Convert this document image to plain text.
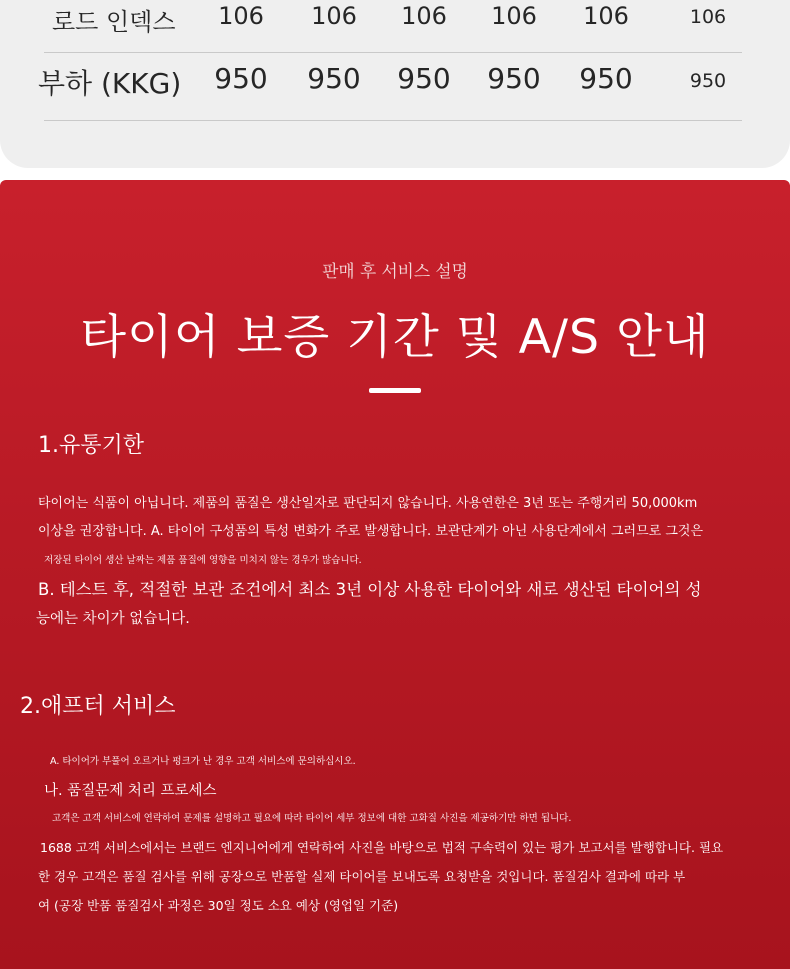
로드 인덱스 106 106 106 106 106	106
부하 (KKG) 950 950 950 950 950	950
판매 후 서비스 설명
타이어 보증 기간 및 A/S 안내
1.유통기한
타이어는 식품이 아닙니다. 제품의 품질은 생산일자로 판단되지 않습니다. 사용연한은 3년 또는 주행거리 50,000km
이상을 권장합니다. A. 타이어 구성품의 특성 변화가 주로 발생합니다. 보관단계가 아닌 사용단계에서 그러므로 그것은
저장된 타이어 생산 날짜는 제품 품질에 영향을 미치지 않는 경우가 많습니다.
B. 테스트 후, 적절한 보관 조건에서 최소 3년 이상 사용한 타이어와 새로 생산된 타이어의 성
능에는 차이가 없습니다.
2.애프터 서비스
A. 타이어가 부풀어 오르거나 펑크가 난 경우 고객 서비스에 문의하십시오.
나. 품질문제 처리 프로세스
고객은 고객 서비스에 연락하여 문제를 설명하고 필요에 따라 타이어 세부 정보에 대한 고화질 사진을 제공하기만 하면 됩니다.
1688 고객 서비스에서는 브랜드 엔지니어에게 연락하여 사진을 바탕으로 법적 구속력이 있는 평가 보고서를 발행합니다. 필요
한 경우 고객은 품질 검사를 위해 공장으로 반품할 실제 타이어를 보내도록 요청받을 것입니다. 품질검사 결과에 따라 부
여 (공장 반품 품질검사 과정은 30일 정도 소요 예상 (영업일 기준)
